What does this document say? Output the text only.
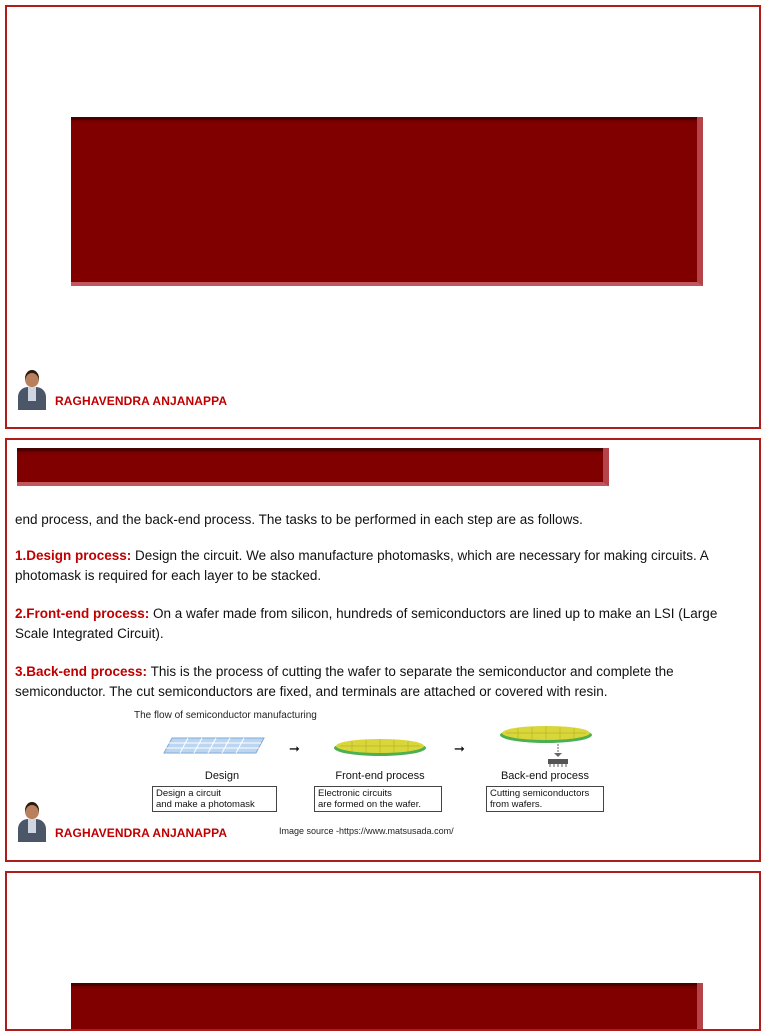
RAGHAVENDRA ANJANAPPA
end process, and the back-end process. The tasks to be performed in each step are as follows.
1.Design process: Design the circuit. We also manufacture photomasks, which are necessary for making circuits. A photomask is required for each layer to be stacked.
2.Front-end process: On a wafer made from silicon, hundreds of semiconductors are lined up to make an LSI (Large Scale Integrated Circuit).
3.Back-end process: This is the process of cutting the wafer to separate the semiconductor and complete the semiconductor. The cut semiconductors are fixed, and terminals are attached or covered with resin.
The flow of semiconductor manufacturing
➞	➞
Design	Front-end process	Back-end process
Design a circuit
and make a photomask
Electronic circuits
are formed on the wafer.
Cutting semiconductors
from wafers.
Image source -https://www.matsusada.com/
RAGHAVENDRA ANJANAPPA
